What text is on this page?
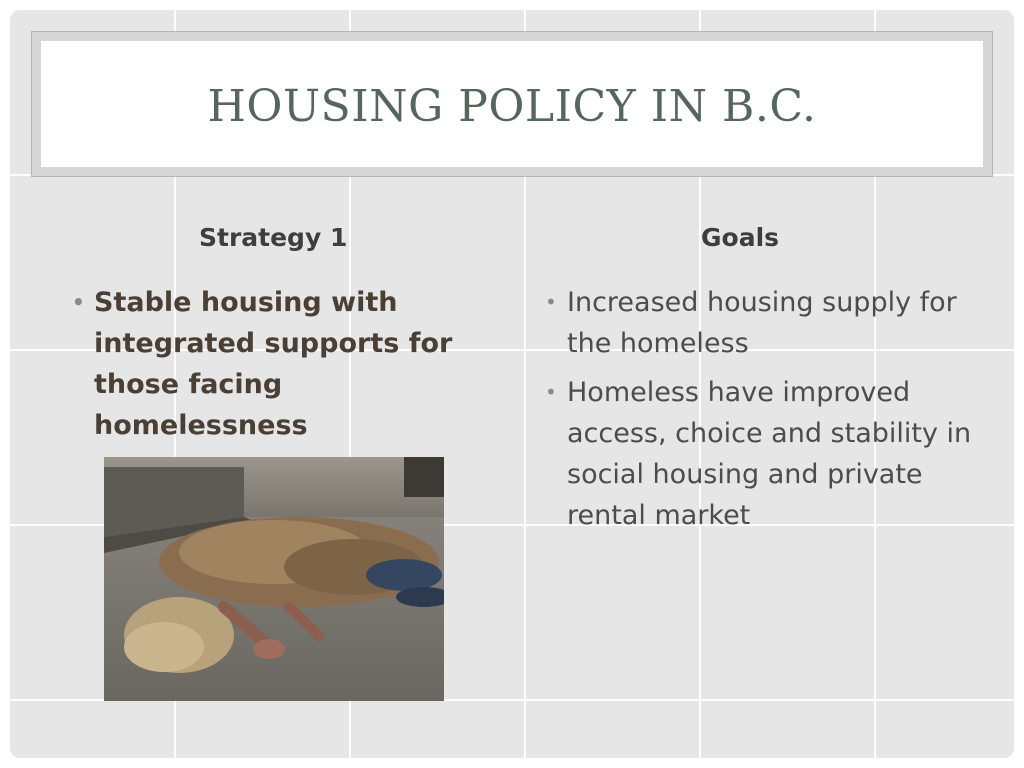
HOUSING POLICY IN B.C.
Strategy 1	Goals
• Stable housing with integrated supports for those facing homelessness
• Increased housing supply for the homeless
• Homeless have improved access, choice and stability in social housing and private rental market
